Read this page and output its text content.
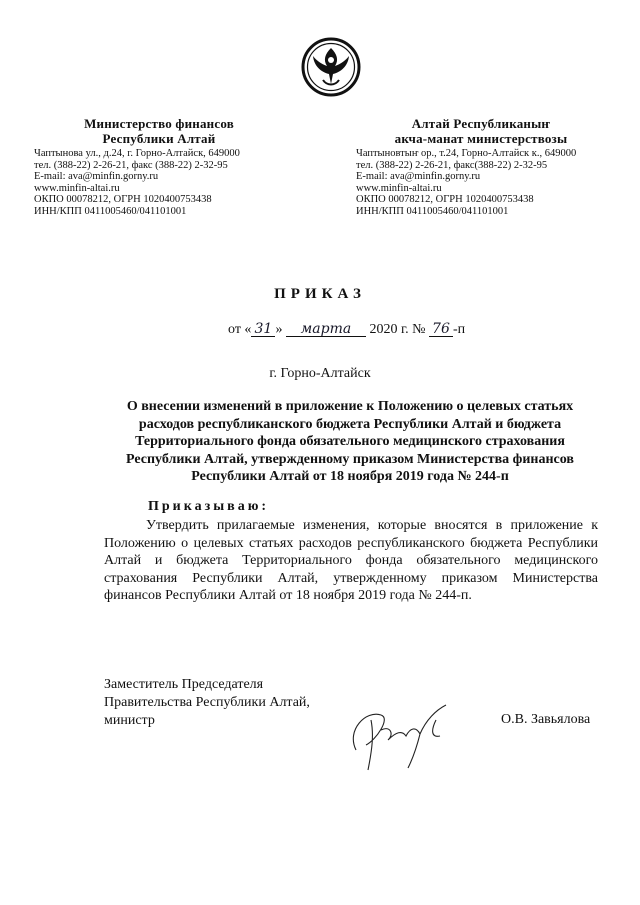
Министерство финансов
Республики Алтай
Чаптынова ул., д.24, г. Горно-Алтайск, 649000
тел. (388-22) 2-26-21, факс (388-22) 2-32-95
E-mail: ava@minfin.gorny.ru
www.minfin-altai.ru
ОКПО 00078212, ОГРН 1020400753438
ИНН/КПП 0411005460/041101001
Алтай Республиканыҥ
акча-манат министерствозы
Чаптыновтыҥ ор., т.24, Горно-Алтайск к., 649000
тел. (388-22) 2-26-21, факс(388-22) 2-32-95
E-mail: ava@minfin.gorny.ru
www.minfin-altai.ru
ОКПО 00078212, ОГРН 1020400753438
ИНН/КПП 0411005460/041101001
ПРИКАЗ
от « 31 » марта 2020 г. № 76 -п
г. Горно-Алтайск
О внесении изменений в приложение к Положению о целевых статьях
расходов республиканского бюджета Республики Алтай и бюджета
Территориального фонда обязательного медицинского страхования
Республики Алтай, утвержденному приказом Министерства финансов
Республики Алтай от 18 ноября 2019 года № 244-п
Приказываю:
Утвердить прилагаемые изменения, которые вносятся в приложение к Положению о целевых статьях расходов республиканского бюджета Республики Алтай и бюджета Территориального фонда обязательного медицинского страхования Республики Алтай, утвержденному приказом Министерства финансов Республики Алтай от 18 ноября 2019 года № 244-п.
Заместитель Председателя
Правительства Республики Алтай,
министр	О.В. Завьялова
